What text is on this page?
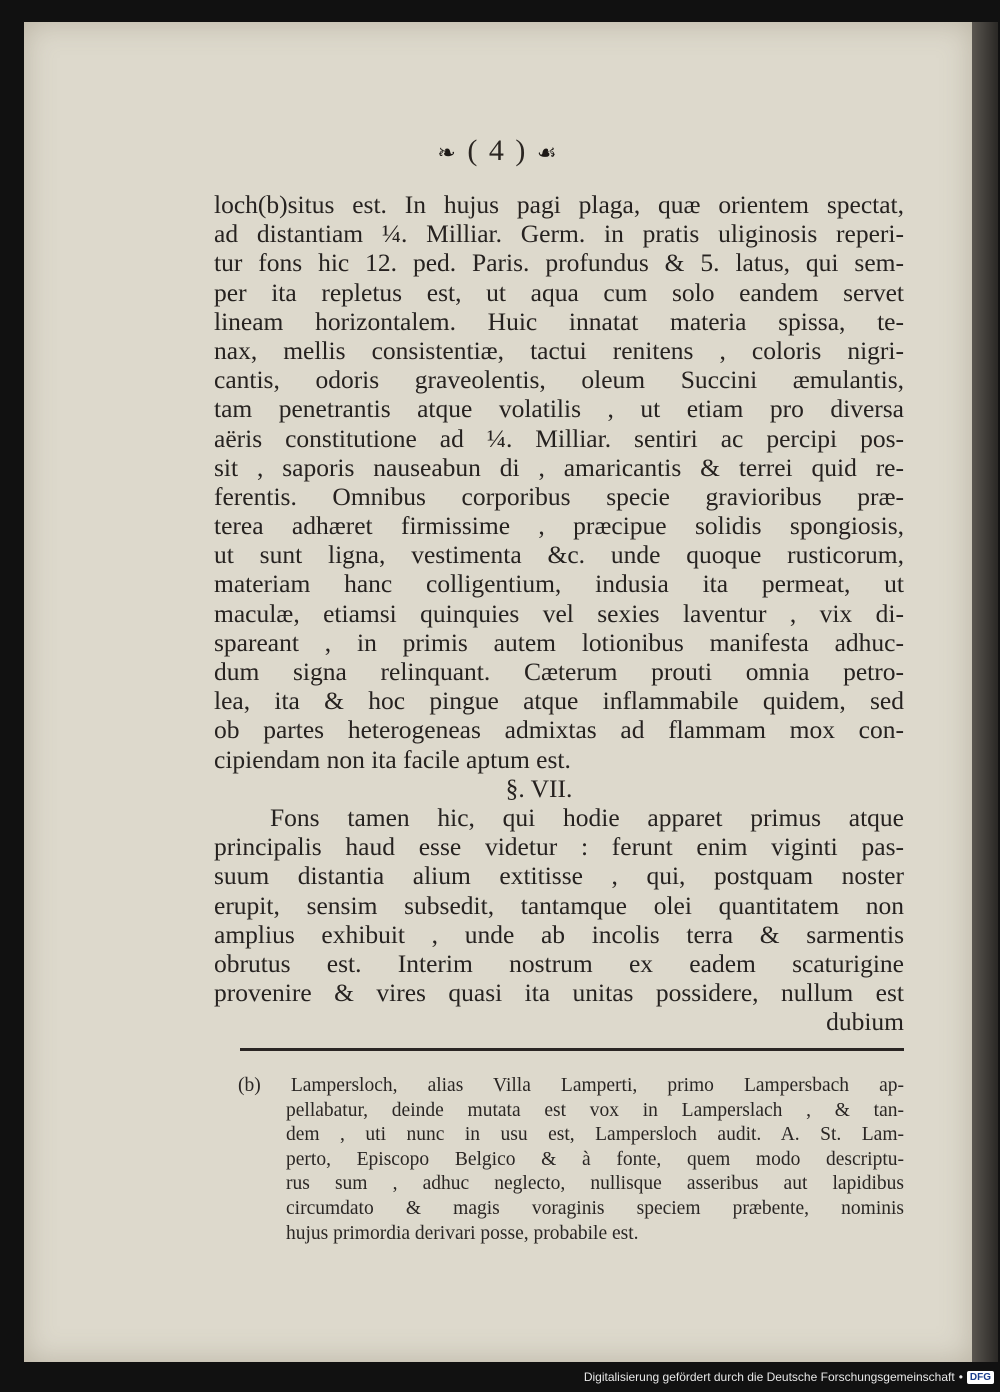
❧ ( 4 ) ☙
loch(b)situs est. In hujus pagi plaga, quæ orientem spectat,
ad distantiam ¼. Milliar. Germ. in pratis uliginosis reperi-
tur fons hic 12. ped. Paris. profundus & 5. latus, qui sem-
per ita repletus est, ut aqua cum solo eandem servet
lineam horizontalem. Huic innatat materia spissa, te-
nax, mellis consistentiæ, tactui renitens , coloris nigri-
cantis, odoris graveolentis, oleum Succini æmulantis,
tam penetrantis atque volatilis , ut etiam pro diversa
aëris constitutione ad ¼. Milliar. sentiri ac percipi pos-
sit , saporis nauseabun di , amaricantis & terrei quid re-
ferentis. Omnibus corporibus specie gravioribus præ-
terea adhæret firmissime , præcipue solidis spongiosis,
ut sunt ligna, vestimenta &c. unde quoque rusticorum,
materiam hanc colligentium, indusia ita permeat, ut
maculæ, etiamsi quinquies vel sexies laventur , vix di-
spareant , in primis autem lotionibus manifesta adhuc-
dum signa relinquant. Cæterum prouti omnia petro-
lea, ita & hoc pingue atque inflammabile quidem, sed
ob partes heterogeneas admixtas ad flammam mox con-
cipiendam non ita facile aptum est.
§. VII.
Fons tamen hic, qui hodie apparet primus atque
principalis haud esse videtur : ferunt enim viginti pas-
suum distantia alium extitisse , qui, postquam noster
erupit, sensim subsedit, tantamque olei quantitatem non
amplius exhibuit , unde ab incolis terra & sarmentis
obrutus est. Interim nostrum ex eadem scaturigine
provenire & vires quasi ita unitas possidere, nullum est
dubium
(b) Lampersloch, alias Villa Lamperti, primo Lampersbach ap-
pellabatur, deinde mutata est vox in Lamperslach , & tan-
dem , uti nunc in usu est, Lampersloch audit. A. St. Lam-
perto, Episcopo Belgico & à fonte, quem modo descriptu-
rus sum , adhuc neglecto, nullisque asseribus aut lapidibus
circumdato & magis voraginis speciem præbente, nominis
hujus primordia derivari posse, probabile est.
Digitalisierung gefördert durch die Deutsche Forschungsgemeinschaft • DFG
